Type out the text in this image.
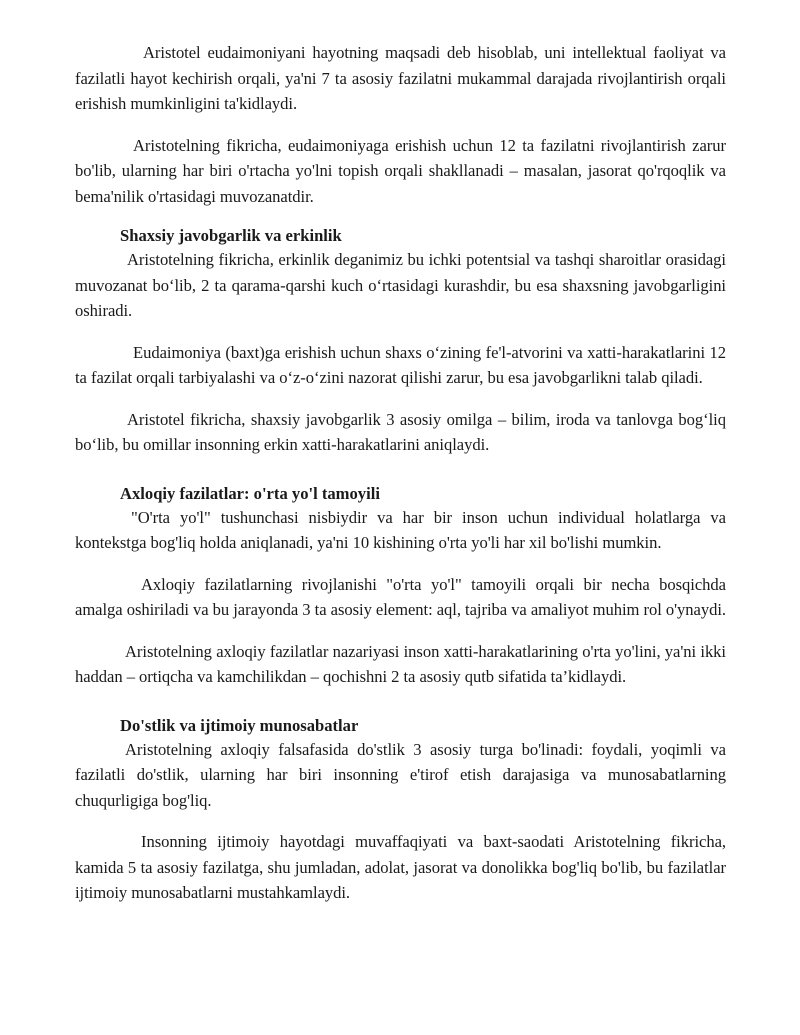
Aristotel eudaimoniyani hayotning maqsadi deb hisoblab, uni intellektual faoliyat va fazilatli hayot kechirish orqali, ya'ni 7 ta asosiy fazilatni mukammal darajada rivojlantirish orqali erishish mumkinligini ta'kidlaydi.

Aristotelning fikricha, eudaimoniyaga erishish uchun 12 ta fazilatni rivojlantirish zarur bo'lib, ularning har biri o'rtacha yo'lni topish orqali shakllanadi – masalan, jasorat qo'rqoqlik va bema'nilik o'rtasidagi muvozanatdir.

Shaxsiy javobgarlik va erkinlik

Aristotelning fikricha, erkinlik deganimiz bu ichki potentsial va tashqi sharoitlar orasidagi muvozanat bo‘lib, 2 ta qarama-qarshi kuch o‘rtasidagi kurashdir, bu esa shaxsning javobgarligini oshiradi.

Eudaimoniya (baxt)ga erishish uchun shaxs o‘zining fe'l-atvorini va xatti-harakatlarini 12 ta fazilat orqali tarbiyalashi va o‘z-o‘zini nazorat qilishi zarur, bu esa javobgarlikni talab qiladi.

Aristotel fikricha, shaxsiy javobgarlik 3 asosiy omilga – bilim, iroda va tanlovga bog‘liq bo‘lib, bu omillar insonning erkin xatti-harakatlarini aniqlaydi.

Axloqiy fazilatlar: o'rta yo'l tamoyili

"O'rta yo'l" tushunchasi nisbiydir va har bir inson uchun individual holatlarga va kontekstga bog'liq holda aniqlanadi, ya'ni 10 kishining o'rta yo'li har xil bo'lishi mumkin.

Axloqiy fazilatlarning rivojlanishi "o'rta yo'l" tamoyili orqali bir necha bosqichda amalga oshiriladi va bu jarayonda 3 ta asosiy element: aql, tajriba va amaliyot muhim rol o'ynaydi.

Aristotelning axloqiy fazilatlar nazariyasi inson xatti-harakatlarining o'rta yo'lini, ya'ni ikki haddan – ortiqcha va kamchilikdan – qochishni 2 ta asosiy qutb sifatida ta’kidlaydi.

Do'stlik va ijtimoiy munosabatlar

Aristotelning axloqiy falsafasida do'stlik 3 asosiy turga bo'linadi: foydali, yoqimli va fazilatli do'stlik, ularning har biri insonning e'tirof etish darajasiga va munosabatlarning chuqurligiga bog'liq.

Insonning ijtimoiy hayotdagi muvaffaqiyati va baxt-saodati Aristotelning fikricha, kamida 5 ta asosiy fazilatga, shu jumladan, adolat, jasorat va donolikka bog'liq bo'lib, bu fazilatlar ijtimoiy munosabatlarni mustahkamlaydi.
